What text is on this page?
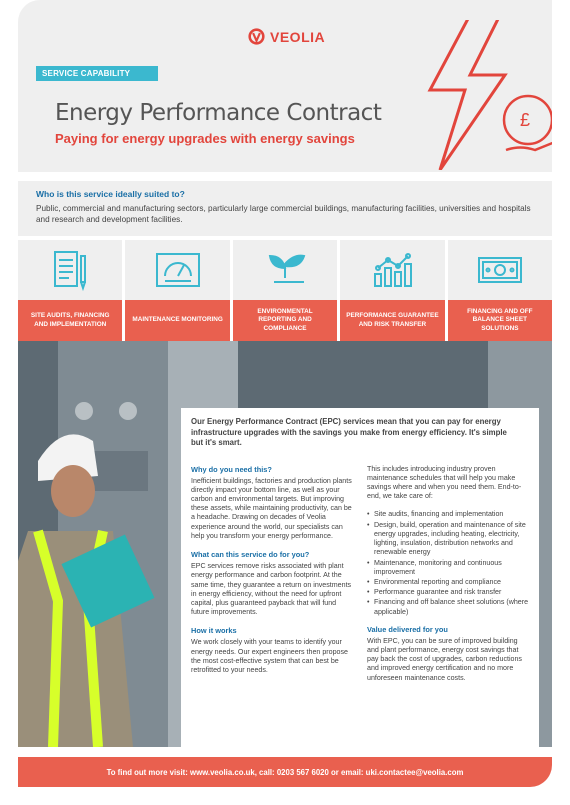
VEOLIA
SERVICE CAPABILITY
Energy Performance Contract
Paying for energy upgrades with energy savings
£
Who is this service ideally suited to?
Public, commercial and manufacturing sectors, particularly large commercial buildings, manufacturing facilities, universities and hospitals and research and development facilities.
SITE AUDITS, FINANCING AND IMPLEMENTATION
MAINTENANCE MONITORING
ENVIRONMENTAL REPORTING AND COMPLIANCE
PERFORMANCE GUARANTEE AND RISK TRANSFER
FINANCING AND OFF BALANCE SHEET SOLUTIONS
Our Energy Performance Contract (EPC) services mean that you can pay for energy infrastructure upgrades with the savings you make from energy efficiency. It's simple but it's smart.
Why do you need this?

Inefficient buildings, factories and production plants directly impact your bottom line, as well as your carbon and environmental targets. But improving these assets, while maintaining productivity, can be a headache. Drawing on decades of Veolia experience around the world, our specialists can help you transform your energy performance.

What can this service do for you?

EPC services remove risks associated with plant energy performance and carbon footprint. At the same time, they guarantee a return on investments in energy efficiency, without the need for upfront capital, plus guaranteed payback that will fund future improvements.

How it works

We work closely with your teams to identify your energy needs. Our expert engineers then propose the most cost-effective system that can best be retrofitted to your needs.

This includes introducing industry proven maintenance schedules that will help you make savings where and when you need them. End-to-end, we take care of:

• Site audits, financing and implementation
• Design, build, operation and maintenance of site energy upgrades, including heating, electricity, lighting, insulation, distribution networks and renewable energy
• Maintenance, monitoring and continuous improvement
• Environmental reporting and compliance
• Performance guarantee and risk transfer
• Financing and off balance sheet solutions (where applicable)
Value delivered for you

With EPC, you can be sure of improved building and plant performance, energy cost savings that pay back the cost of upgrades, carbon reductions and improved energy certification and no more unforeseen maintenance costs.

To find out more visit: www.veolia.co.uk, call: 0203 567 6020 or email: uki.contactee@veolia.com
